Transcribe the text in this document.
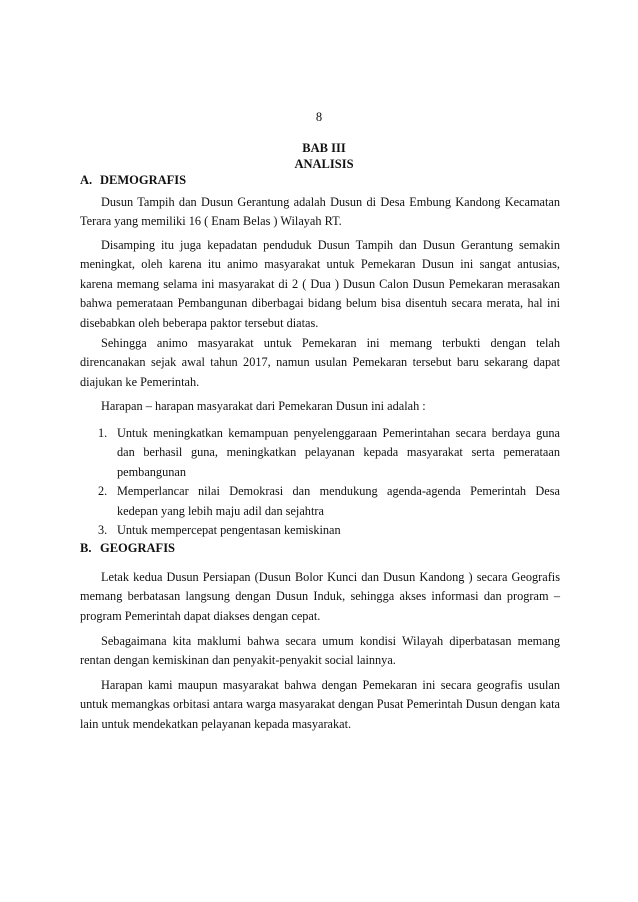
8
BAB III
ANALISIS
A. DEMOGRAFIS

Dusun Tampih dan Dusun Gerantung adalah Dusun di Desa Embung Kandong Kecamatan Terara yang memiliki 16 ( Enam Belas ) Wilayah RT.

Disamping itu juga kepadatan penduduk Dusun Tampih dan Dusun Gerantung semakin meningkat, oleh karena itu animo masyarakat untuk Pemekaran Dusun ini sangat antusias, karena memang selama ini masyarakat di 2 ( Dua ) Dusun Calon Dusun Pemekaran merasakan bahwa pemerataan Pembangunan diberbagai bidang belum bisa disentuh secara merata, hal ini disebabkan oleh beberapa paktor tersebut diatas.

Sehingga animo masyarakat untuk Pemekaran ini memang terbukti dengan telah direncanakan sejak awal tahun 2017, namun usulan Pemekaran tersebut baru sekarang dapat diajukan ke Pemerintah.

Harapan – harapan masyarakat dari Pemekaran Dusun ini adalah :

1. Untuk meningkatkan kemampuan penyelenggaraan Pemerintahan secara berdaya guna dan berhasil guna, meningkatkan pelayanan kepada masyarakat serta pemerataan pembangunan
2. Memperlancar nilai Demokrasi dan mendukung agenda-agenda Pemerintah Desa kedepan yang lebih maju adil dan sejahtra
3. Untuk mempercepat pengentasan kemiskinan
B. GEOGRAFIS

Letak kedua Dusun Persiapan (Dusun Bolor Kunci dan Dusun Kandong ) secara Geografis memang berbatasan langsung dengan Dusun Induk, sehingga akses informasi dan program – program Pemerintah dapat diakses dengan cepat.

Sebagaimana kita maklumi bahwa secara umum kondisi Wilayah diperbatasan memang rentan dengan kemiskinan dan penyakit-penyakit social lainnya.

Harapan kami maupun masyarakat bahwa dengan Pemekaran ini secara geografis usulan untuk memangkas orbitasi antara warga masyarakat dengan Pusat Pemerintah Dusun dengan kata lain untuk mendekatkan pelayanan kepada masyarakat.
